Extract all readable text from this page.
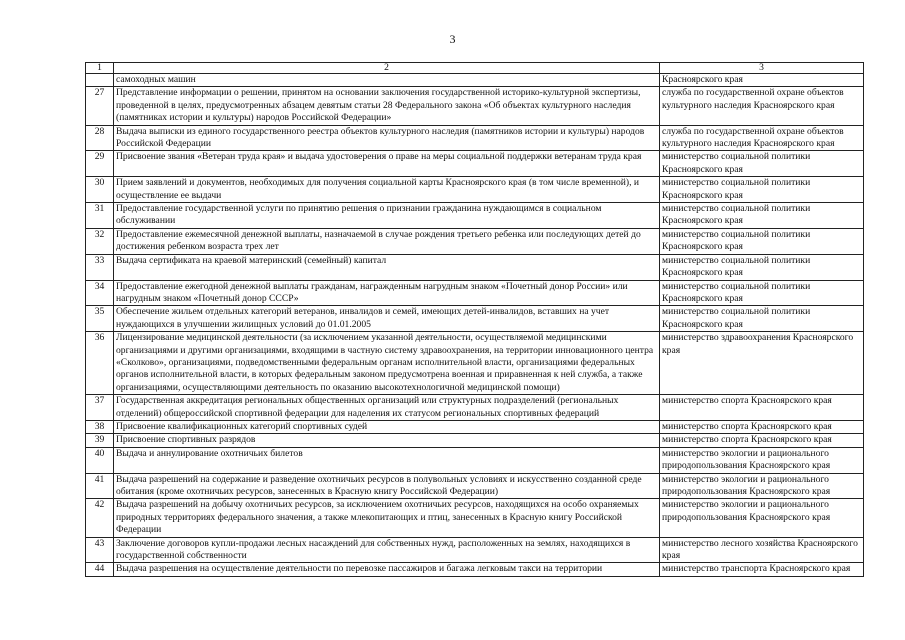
3
1	2	3
	самоходных машин	Красноярского края
27	Представление информации о решении, принятом на основании заключения государственной историко-культурной экспертизы, проведенной в целях, предусмотренных абзацем девятым статьи 28 Федерального закона «Об объектах культурного наследия (памятниках истории и культуры) народов Российской Федерации»	служба по государственной охране объектов культурного наследия Красноярского края
28	Выдача выписки из единого государственного реестра объектов культурного наследия (памятников истории и культуры) народов Российской Федерации	служба по государственной охране объектов культурного наследия Красноярского края
29	Присвоение звания «Ветеран труда края» и выдача удостоверения о праве на меры социальной поддержки ветеранам труда края	министерство социальной политики Красноярского края
30	Прием заявлений и документов, необходимых для получения социальной карты Красноярского края (в том числе временной), и осуществление ее выдачи	министерство социальной политики Красноярского края
31	Предоставление государственной услуги по принятию решения о признании гражданина нуждающимся в социальном обслуживании	министерство социальной политики Красноярского края
32	Предоставление ежемесячной денежной выплаты, назначаемой в случае рождения третьего ребенка или последующих детей до достижения ребенком возраста трех лет	министерство социальной политики Красноярского края
33	Выдача сертификата на краевой материнский (семейный) капитал	министерство социальной политики Красноярского края
34	Предоставление ежегодной денежной выплаты гражданам, награжденным нагрудным знаком «Почетный донор России» или нагрудным знаком «Почетный донор СССР»	министерство социальной политики Красноярского края
35	Обеспечение жильем отдельных категорий ветеранов, инвалидов и семей, имеющих детей-инвалидов, вставших на учет нуждающихся в улучшении жилищных условий до 01.01.2005	министерство социальной политики Красноярского края
36	Лицензирование медицинской деятельности (за исключением указанной деятельности, осуществляемой медицинскими организациями и другими организациями, входящими в частную систему здравоохранения, на территории инновационного центра «Сколково», организациями, подведомственными федеральным органам исполнительной власти, организациями федеральных органов исполнительной власти, в которых федеральным законом предусмотрена военная и приравненная к ней служба, а также организациями, осуществляющими деятельность по оказанию высокотехнологичной медицинской помощи)	министерство здравоохранения Красноярского края
37	Государственная аккредитация региональных общественных организаций или структурных подразделений (региональных отделений) общероссийской спортивной федерации для наделения их статусом региональных спортивных федераций	министерство спорта Красноярского края
38	Присвоение квалификационных категорий спортивных судей	министерство спорта Красноярского края
39	Присвоение спортивных разрядов	министерство спорта Красноярского края
40	Выдача и аннулирование охотничьих билетов	министерство экологии и рационального природопользования Красноярского края
41	Выдача разрешений на содержание и разведение охотничьих ресурсов в полувольных условиях и искусственно созданной среде обитания (кроме охотничьих ресурсов, занесенных в Красную книгу Российской Федерации)	министерство экологии и рационального природопользования Красноярского края
42	Выдача разрешений на добычу охотничьих ресурсов, за исключением охотничьих ресурсов, находящихся на особо охраняемых природных территориях федерального значения, а также млекопитающих и птиц, занесенных в Красную книгу Российской Федерации	министерство экологии и рационального природопользования Красноярского края
43	Заключение договоров купли-продажи лесных насаждений для собственных нужд, расположенных на землях, находящихся в государственной собственности	министерство лесного хозяйства Красноярского края
44	Выдача разрешения на осуществление деятельности по перевозке пассажиров и багажа легковым такси на территории	министерство транспорта Красноярского края
